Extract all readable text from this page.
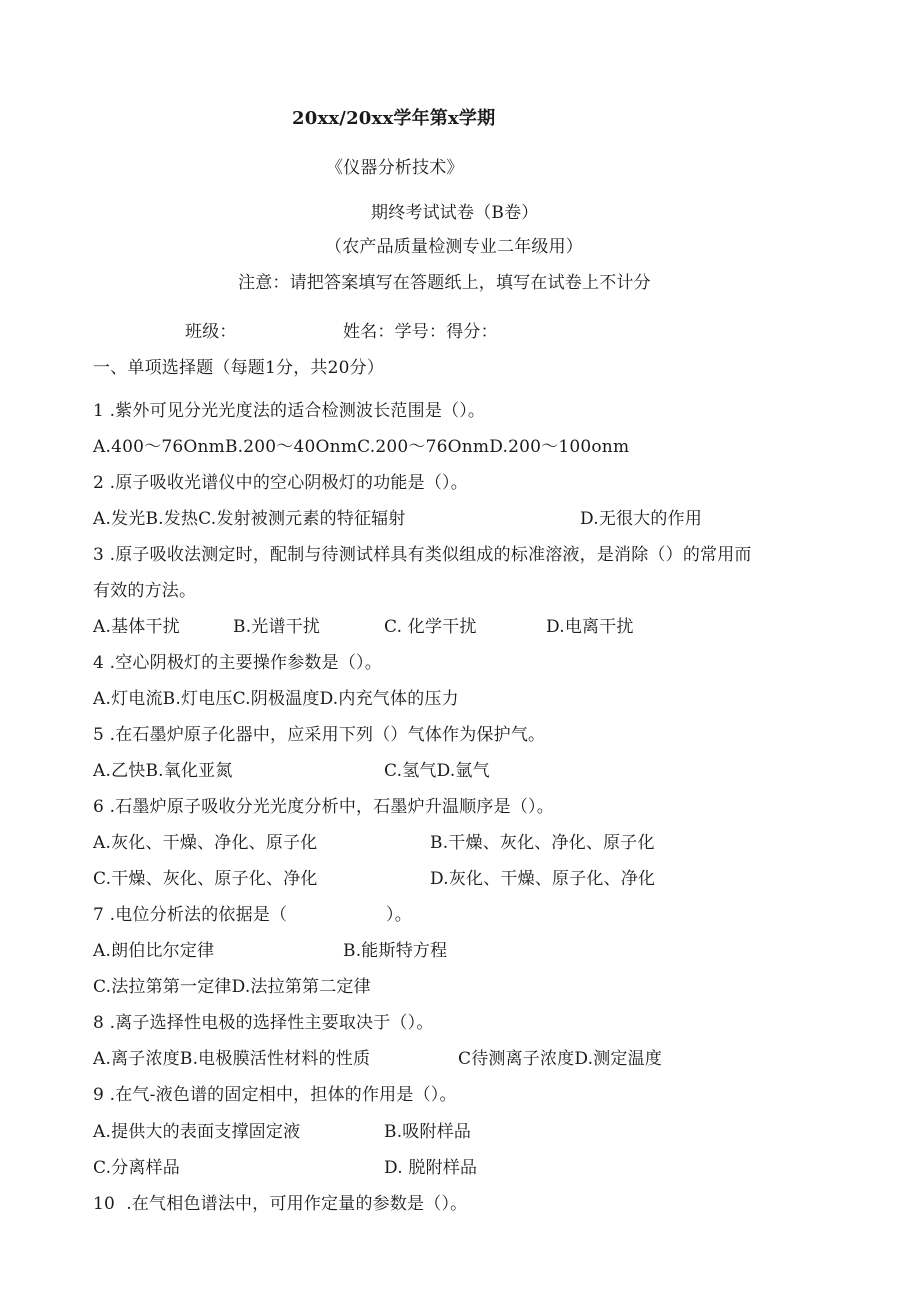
20xx∕20xx学年第x学期
《仪器分析技术》
期终考试试卷（B卷）
（农产品质量检测专业二年级用）
注意：请把答案填写在答题纸上，填写在试卷上不计分
班级：	姓名：学号：得分：
一、单项选择题（每题1分，共20分）
1 .紫外可见分光光度法的适合检测波长范围是（）。
A.400～76OnmB.200～40OnmC.200～76OnmD.200～100onm
2 .原子吸收光谱仪中的空心阴极灯的功能是（）。
A.发光B.发热C.发射被测元素的特征辐射	D.无很大的作用
3 .原子吸收法测定时，配制与待测试样具有类似组成的标准溶液，是消除（）的常用而
有效的方法。
A.基体干扰	B.光谱干扰	C. 化学干扰	D.电离干扰
4 .空心阴极灯的主要操作参数是（）。
A.灯电流B.灯电压C.阴极温度D.内充气体的压力
5 .在石墨炉原子化器中，应采用下列（）气体作为保护气。
A.乙快B.氧化亚氮	C.氢气D.氩气
6 .石墨炉原子吸收分光光度分析中，石墨炉升温顺序是（）。
A.灰化、干燥、净化、原子化	B.干燥、灰化、净化、原子化
C.干燥、灰化、原子化、净化	D.灰化、干燥、原子化、净化
7 .电位分析法的依据是（	）。
A.朗伯比尔定律	B.能斯特方程
C.法拉第第一定律D.法拉第第二定律
8 .离子选择性电极的选择性主要取决于（）。
A.离子浓度B.电极膜活性材料的性质	C待测离子浓度D.测定温度
9 .在气-液色谱的固定相中，担体的作用是（）。
A.提供大的表面支撑固定液	B.吸附样品
C.分离样品	D. 脱附样品
10  .在气相色谱法中，可用作定量的参数是（）。
